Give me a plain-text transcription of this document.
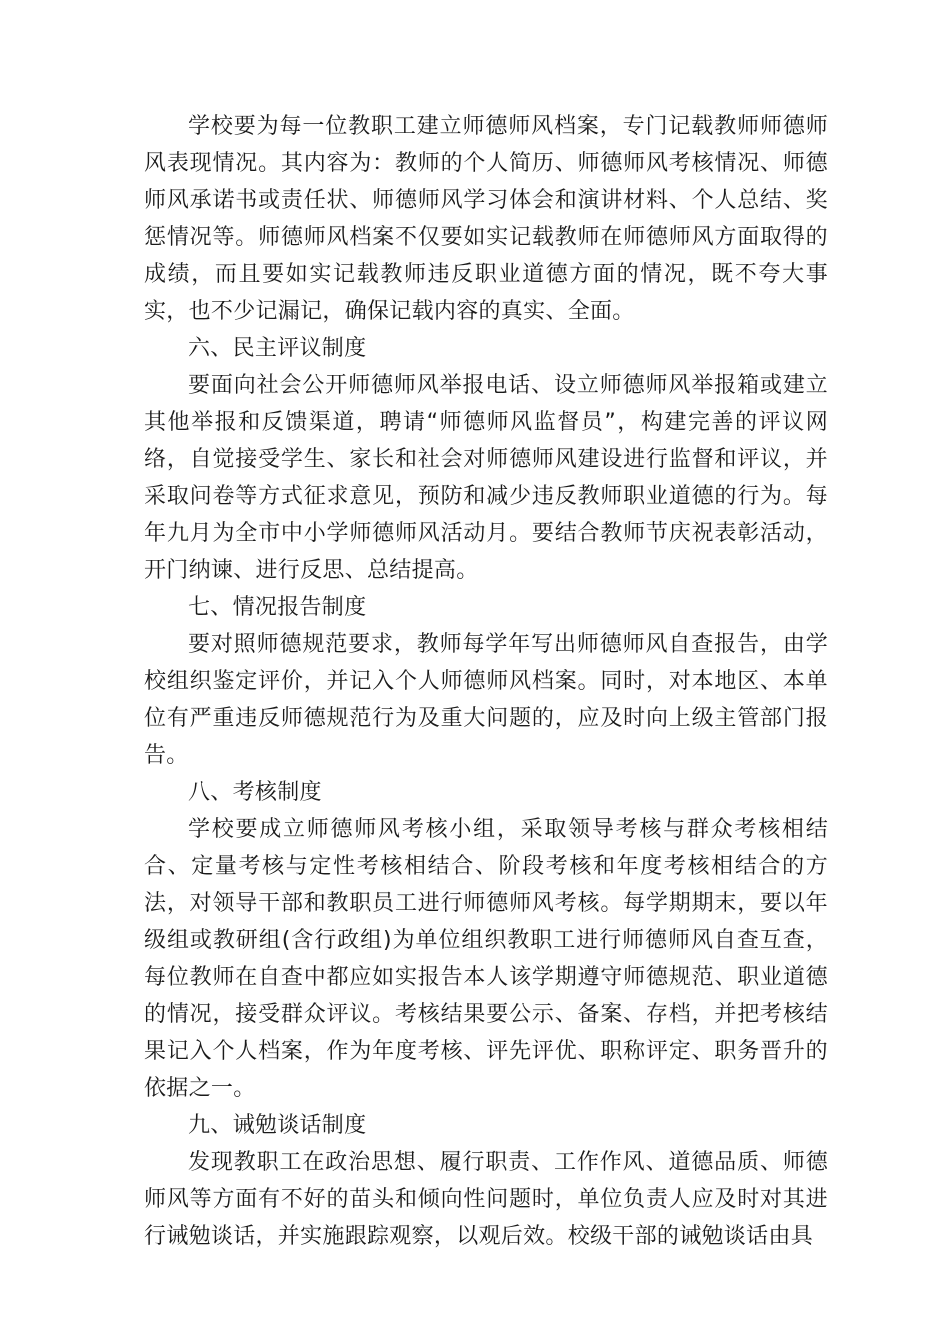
学校要为每一位教职工建立师德师风档案，专门记载教师师德师风表现情况。其内容为：教师的个人简历、师德师风考核情况、师德师风承诺书或责任状、师德师风学习体会和演讲材料、个人总结、奖惩情况等。师德师风档案不仅要如实记载教师在师德师风方面取得的成绩，而且要如实记载教师违反职业道德方面的情况，既不夸大事实，也不少记漏记，确保记载内容的真实、全面。

六、民主评议制度

要面向社会公开师德师风举报电话、设立师德师风举报箱或建立其他举报和反馈渠道，聘请“师德师风监督员”，构建完善的评议网络，自觉接受学生、家长和社会对师德师风建设进行监督和评议，并采取问卷等方式征求意见，预防和减少违反教师职业道德的行为。每年九月为全市中小学师德师风活动月。要结合教师节庆祝表彰活动，开门纳谏、进行反思、总结提高。

七、情况报告制度

要对照师德规范要求，教师每学年写出师德师风自查报告，由学校组织鉴定评价，并记入个人师德师风档案。同时，对本地区、本单位有严重违反师德规范行为及重大问题的，应及时向上级主管部门报告。

八、考核制度

学校要成立师德师风考核小组，采取领导考核与群众考核相结合、定量考核与定性考核相结合、阶段考核和年度考核相结合的方法，对领导干部和教职员工进行师德师风考核。每学期期末，要以年级组或教研组(含行政组)为单位组织教职工进行师德师风自查互查，每位教师在自查中都应如实报告本人该学期遵守师德规范、职业道德的情况，接受群众评议。考核结果要公示、备案、存档，并把考核结果记入个人档案，作为年度考核、评先评优、职称评定、职务晋升的依据之一。

九、诫勉谈话制度

发现教职工在政治思想、履行职责、工作作风、道德品质、师德师风等方面有不好的苗头和倾向性问题时，单位负责人应及时对其进行诫勉谈话，并实施跟踪观察，以观后效。校级干部的诫勉谈话由具
